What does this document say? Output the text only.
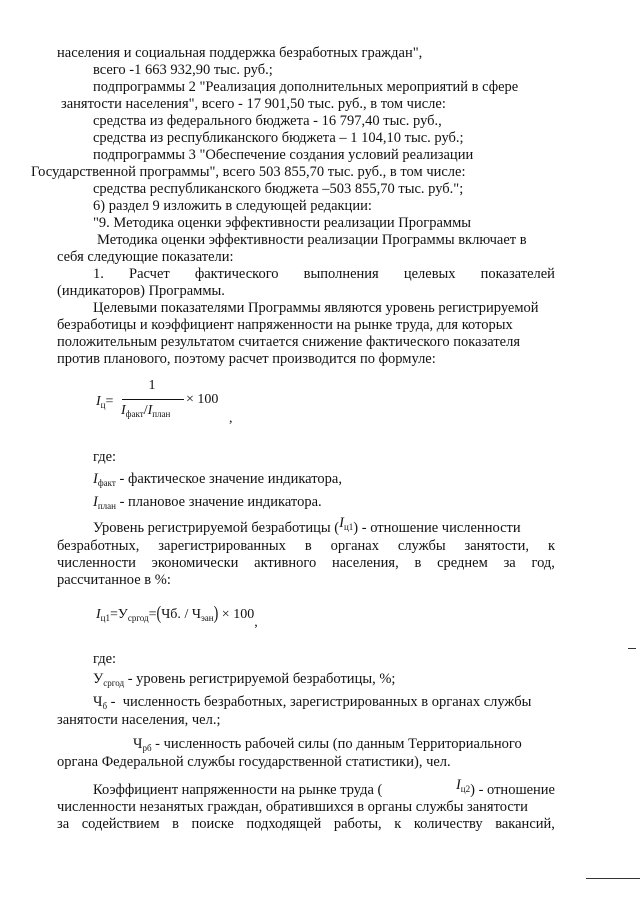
населения и социальная поддержка безработных граждан",
всего -1 663 932,90 тыс. руб.;
подпрограммы 2 "Реализация дополнительных мероприятий в сфере
занятости населения", всего - 17 901,50 тыс. руб., в том числе:
средства из федерального бюджета - 16 797,40 тыс. руб.,
средства из республиканского бюджета – 1 104,10 тыс. руб.;
подпрограммы 3 "Обеспечение создания условий реализации
Государственной программы", всего 503 855,70 тыс. руб., в том числе:
средства республиканского бюджета –503 855,70 тыс. руб.";
6) раздел 9 изложить в следующей редакции:
"9. Методика оценки эффективности реализации Программы
Методика оценки эффективности реализации Программы включает в
себя следующие показатели:
1. Расчет фактического выполнения целевых показателей
(индикаторов) Программы.
Целевыми показателями Программы являются уровень регистрируемой
безработицы и коэффициент напряженности на рынке труда, для которых
положительным результатом считается снижение фактического показателя
против планового, поэтому расчет производится по формуле:
$I_ц=$
1
$I_{факт}/I_{план}$
× 100
,
где:
$I_{факт}$ - фактическое значение индикатора,
$I_{план}$ - плановое значение индикатора.
Уровень регистрируемой безработицы $(I_{ц1})$ - отношение численности
безработных, зарегистрированных в органах службы занятости, к
численности экономически активного населения, в среднем за год,
рассчитанное в %:
$I_{ц1}=У_{сргод}=(Чб$. / $Ч_{эан}) \times 100$,
где:
$У_{сргод}$ - уровень регистрируемой безработицы, %;
$Ч_б$ - численность безработных, зарегистрированных в органах службы
занятости населения, чел.;
$Ч_{рб}$ - численность рабочей силы (по данным Территориального
органа Федеральной службы государственной статистики), чел.
Коэффициент напряженности на рынке труда (	$I_{ц2}$) - отношение
численности незанятых граждан, обратившихся в органы службы занятости
за содействием в поиске подходящей работы, к количеству вакансий,
